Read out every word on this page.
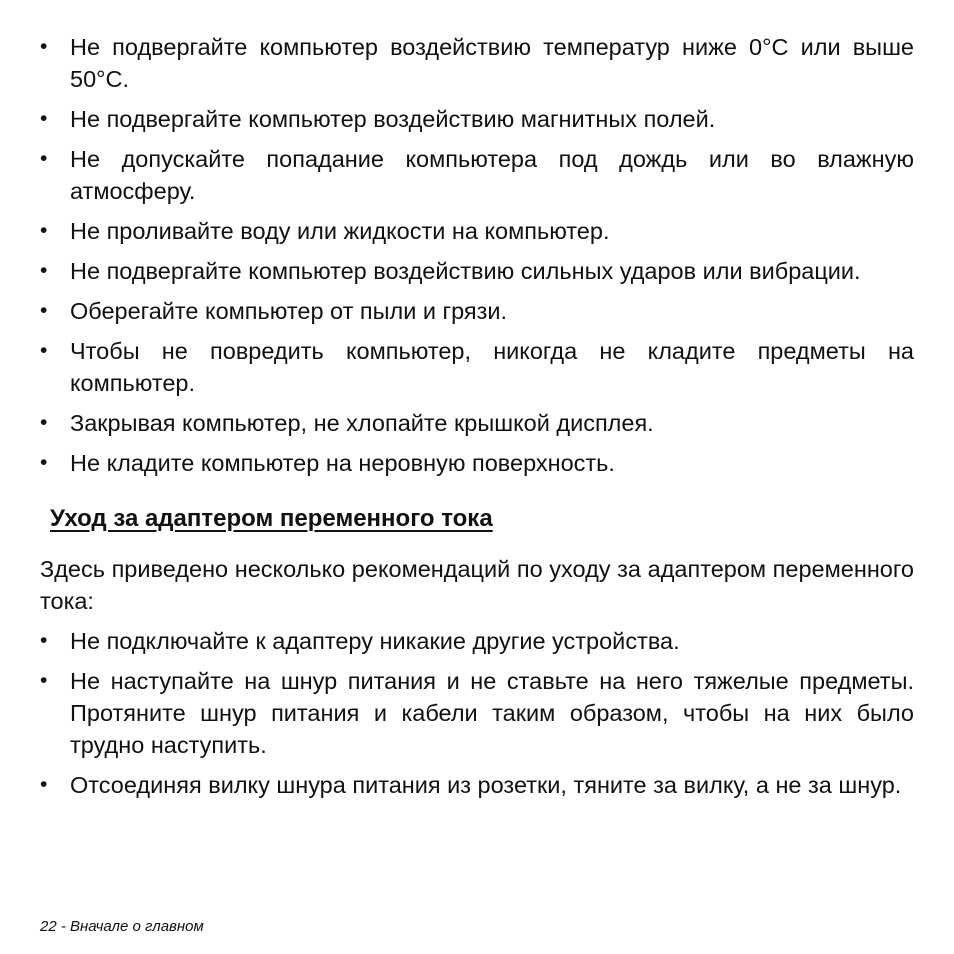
• Не подвергайте компьютер воздействию температур ниже 0°C или выше 50°C.
• Не подвергайте компьютер воздействию магнитных полей.
• Не допускайте попадание компьютера под дождь или во влажную атмосферу.
• Не проливайте воду или жидкости на компьютер.
• Не подвергайте компьютер воздействию сильных ударов или вибрации.
• Оберегайте компьютер от пыли и грязи.
• Чтобы не повредить компьютер, никогда не кладите предметы на компьютер.
• Закрывая компьютер, не хлопайте крышкой дисплея.
• Не кладите компьютер на неровную поверхность.
Уход за адаптером переменного тока
Здесь приведено несколько рекомендаций по уходу за адаптером переменного тока:
• Не подключайте к адаптеру никакие другие устройства.
• Не наступайте на шнур питания и не ставьте на него тяжелые предметы. Протяните шнур питания и кабели таким образом, чтобы на них было трудно наступить.
• Отсоединяя вилку шнура питания из розетки, тяните за вилку, а не за шнур.
22 - Вначале о главном
